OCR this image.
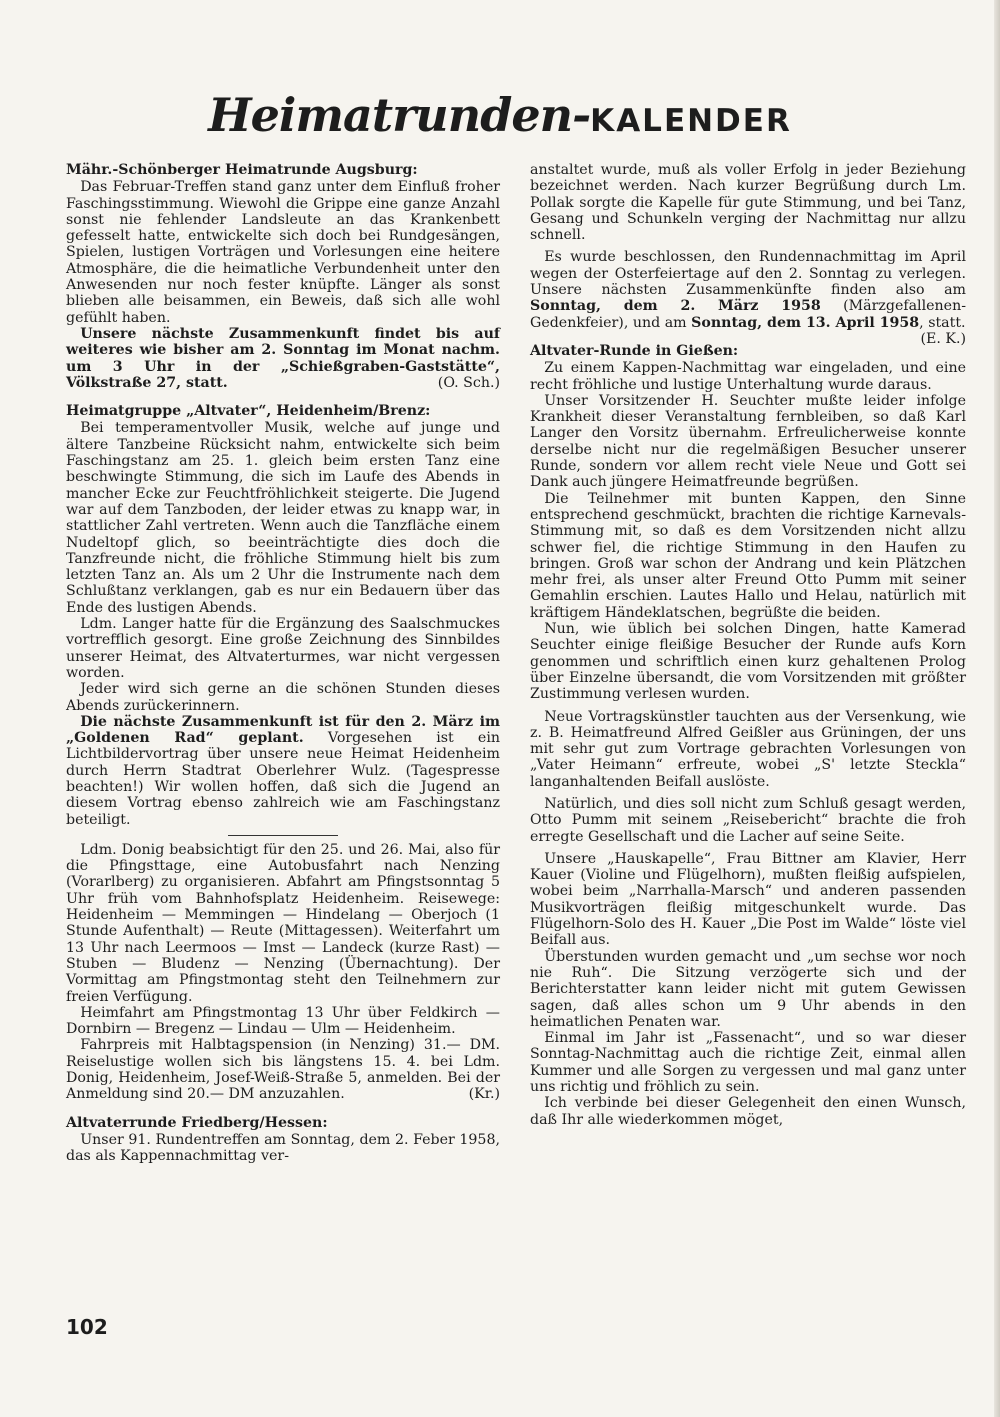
Heimatrunden-KALENDER
Mähr.-Schönberger Heimatrunde Augsburg:

Das Februar-Treffen stand ganz unter dem Einfluß froher Faschingsstimmung. Wiewohl die Grippe eine ganze Anzahl sonst nie fehlender Landsleute an das Krankenbett gefesselt hatte, entwickelte sich doch bei Rundgesängen, Spielen, lustigen Vorträgen und Vorlesungen eine heitere Atmosphäre, die die heimatliche Verbundenheit unter den Anwesenden nur noch fester knüpfte. Länger als sonst blieben alle beisammen, ein Beweis, daß sich alle wohl gefühlt haben.

Unsere nächste Zusammenkunft findet bis auf weiteres wie bisher am 2. Sonntag im Monat nachm. um 3 Uhr in der „Schießgraben-Gaststätte“, Völkstraße 27, statt.	(O. Sch.)

Heimatgruppe „Altvater“, Heidenheim/Brenz:

Bei temperamentvoller Musik, welche auf junge und ältere Tanzbeine Rücksicht nahm, entwickelte sich beim Faschingstanz am 25. 1. gleich beim ersten Tanz eine beschwingte Stimmung, die sich im Laufe des Abends in mancher Ecke zur Feuchtfröhlichkeit steigerte. Die Jugend war auf dem Tanzboden, der leider etwas zu knapp war, in stattlicher Zahl vertreten. Wenn auch die Tanzfläche einem Nudeltopf glich, so beeinträchtigte dies doch die Tanzfreunde nicht, die fröhliche Stimmung hielt bis zum letzten Tanz an. Als um 2 Uhr die Instrumente nach dem Schlußtanz verklangen, gab es nur ein Bedauern über das Ende des lustigen Abends.

Ldm. Langer hatte für die Ergänzung des Saalschmuckes vortrefflich gesorgt. Eine große Zeichnung des Sinnbildes unserer Heimat, des Altvaterturmes, war nicht vergessen worden.

Jeder wird sich gerne an die schönen Stunden dieses Abends zurückerinnern.

Die nächste Zusammenkunft ist für den 2. März im „Goldenen Rad“ geplant. Vorgesehen ist ein Lichtbildervortrag über unsere neue Heimat Heidenheim durch Herrn Stadtrat Oberlehrer Wulz. (Tagespresse beachten!) Wir wollen hoffen, daß sich die Jugend an diesem Vortrag ebenso zahlreich wie am Faschingstanz beteiligt.

Ldm. Donig beabsichtigt für den 25. und 26. Mai, also für die Pfingsttage, eine Autobusfahrt nach Nenzing (Vorarlberg) zu organisieren. Abfahrt am Pfingstsonntag 5 Uhr früh vom Bahnhofsplatz Heidenheim. Reisewege: Heidenheim — Memmingen — Hindelang — Oberjoch (1 Stunde Aufenthalt) — Reute (Mittagessen). Weiterfahrt um 13 Uhr nach Leermoos — Imst — Landeck (kurze Rast) — Stuben — Bludenz — Nenzing (Übernachtung). Der Vormittag am Pfingstmontag steht den Teilnehmern zur freien Verfügung.

Heimfahrt am Pfingstmontag 13 Uhr über Feldkirch — Dornbirn — Bregenz — Lindau — Ulm — Heidenheim.

Fahrpreis mit Halbtagspension (in Nenzing) 31.— DM. Reiselustige wollen sich bis längstens 15. 4. bei Ldm. Donig, Heidenheim, Josef-Weiß-Straße 5, anmelden. Bei der Anmeldung sind 20.— DM anzuzahlen.	(Kr.)

Altvaterrunde Friedberg/Hessen:

Unser 91. Rundentreffen am Sonntag, dem 2. Feber 1958, das als Kappennachmittag ver-

anstaltet wurde, muß als voller Erfolg in jeder Beziehung bezeichnet werden. Nach kurzer Begrüßung durch Lm. Pollak sorgte die Kapelle für gute Stimmung, und bei Tanz, Gesang und Schunkeln verging der Nachmittag nur allzu schnell.

Es wurde beschlossen, den Rundennachmittag im April wegen der Osterfeiertage auf den 2. Sonntag zu verlegen. Unsere nächsten Zusammenkünfte finden also am Sonntag, dem 2. März 1958 (Märzgefallenen-Gedenkfeier), und am Sonntag, dem 13. April 1958, statt.
(E. K.)

Altvater-Runde in Gießen:

Zu einem Kappen-Nachmittag war eingeladen, und eine recht fröhliche und lustige Unterhaltung wurde daraus.

Unser Vorsitzender H. Seuchter mußte leider infolge Krankheit dieser Veranstaltung fernbleiben, so daß Karl Langer den Vorsitz übernahm. Erfreulicherweise konnte derselbe nicht nur die regelmäßigen Besucher unserer Runde, sondern vor allem recht viele Neue und Gott sei Dank auch jüngere Heimatfreunde begrüßen.

Die Teilnehmer mit bunten Kappen, den Sinne entsprechend geschmückt, brachten die richtige Karnevals-Stimmung mit, so daß es dem Vorsitzenden nicht allzu schwer fiel, die richtige Stimmung in den Haufen zu bringen. Groß war schon der Andrang und kein Plätzchen mehr frei, als unser alter Freund Otto Pumm mit seiner Gemahlin erschien. Lautes Hallo und Helau, natürlich mit kräftigem Händeklatschen, begrüßte die beiden.

Nun, wie üblich bei solchen Dingen, hatte Kamerad Seuchter einige fleißige Besucher der Runde aufs Korn genommen und schriftlich einen kurz gehaltenen Prolog über Einzelne übersandt, die vom Vorsitzenden mit größter Zustimmung verlesen wurden.

Neue Vortragskünstler tauchten aus der Versenkung, wie z. B. Heimatfreund Alfred Geißler aus Grüningen, der uns mit sehr gut zum Vortrage gebrachten Vorlesungen von „Vater Heimann“ erfreute, wobei „S' letzte Steckla“ langanhaltenden Beifall auslöste.

Natürlich, und dies soll nicht zum Schluß gesagt werden, Otto Pumm mit seinem „Reisebericht“ brachte die froh erregte Gesellschaft und die Lacher auf seine Seite.

Unsere „Hauskapelle“, Frau Bittner am Klavier, Herr Kauer (Violine und Flügelhorn), mußten fleißig aufspielen, wobei beim „Narrhalla-Marsch“ und anderen passenden Musikvorträgen fleißig mitgeschunkelt wurde. Das Flügelhorn-Solo des H. Kauer „Die Post im Walde“ löste viel Beifall aus.

Überstunden wurden gemacht und „um sechse wor noch nie Ruh“. Die Sitzung verzögerte sich und der Berichterstatter kann leider nicht mit gutem Gewissen sagen, daß alles schon um 9 Uhr abends in den heimatlichen Penaten war.

Einmal im Jahr ist „Fassenacht“, und so war dieser Sonntag-Nachmittag auch die richtige Zeit, einmal allen Kummer und alle Sorgen zu vergessen und mal ganz unter uns richtig und fröhlich zu sein.

Ich verbinde bei dieser Gelegenheit den einen Wunsch, daß Ihr alle wiederkommen möget,

102
